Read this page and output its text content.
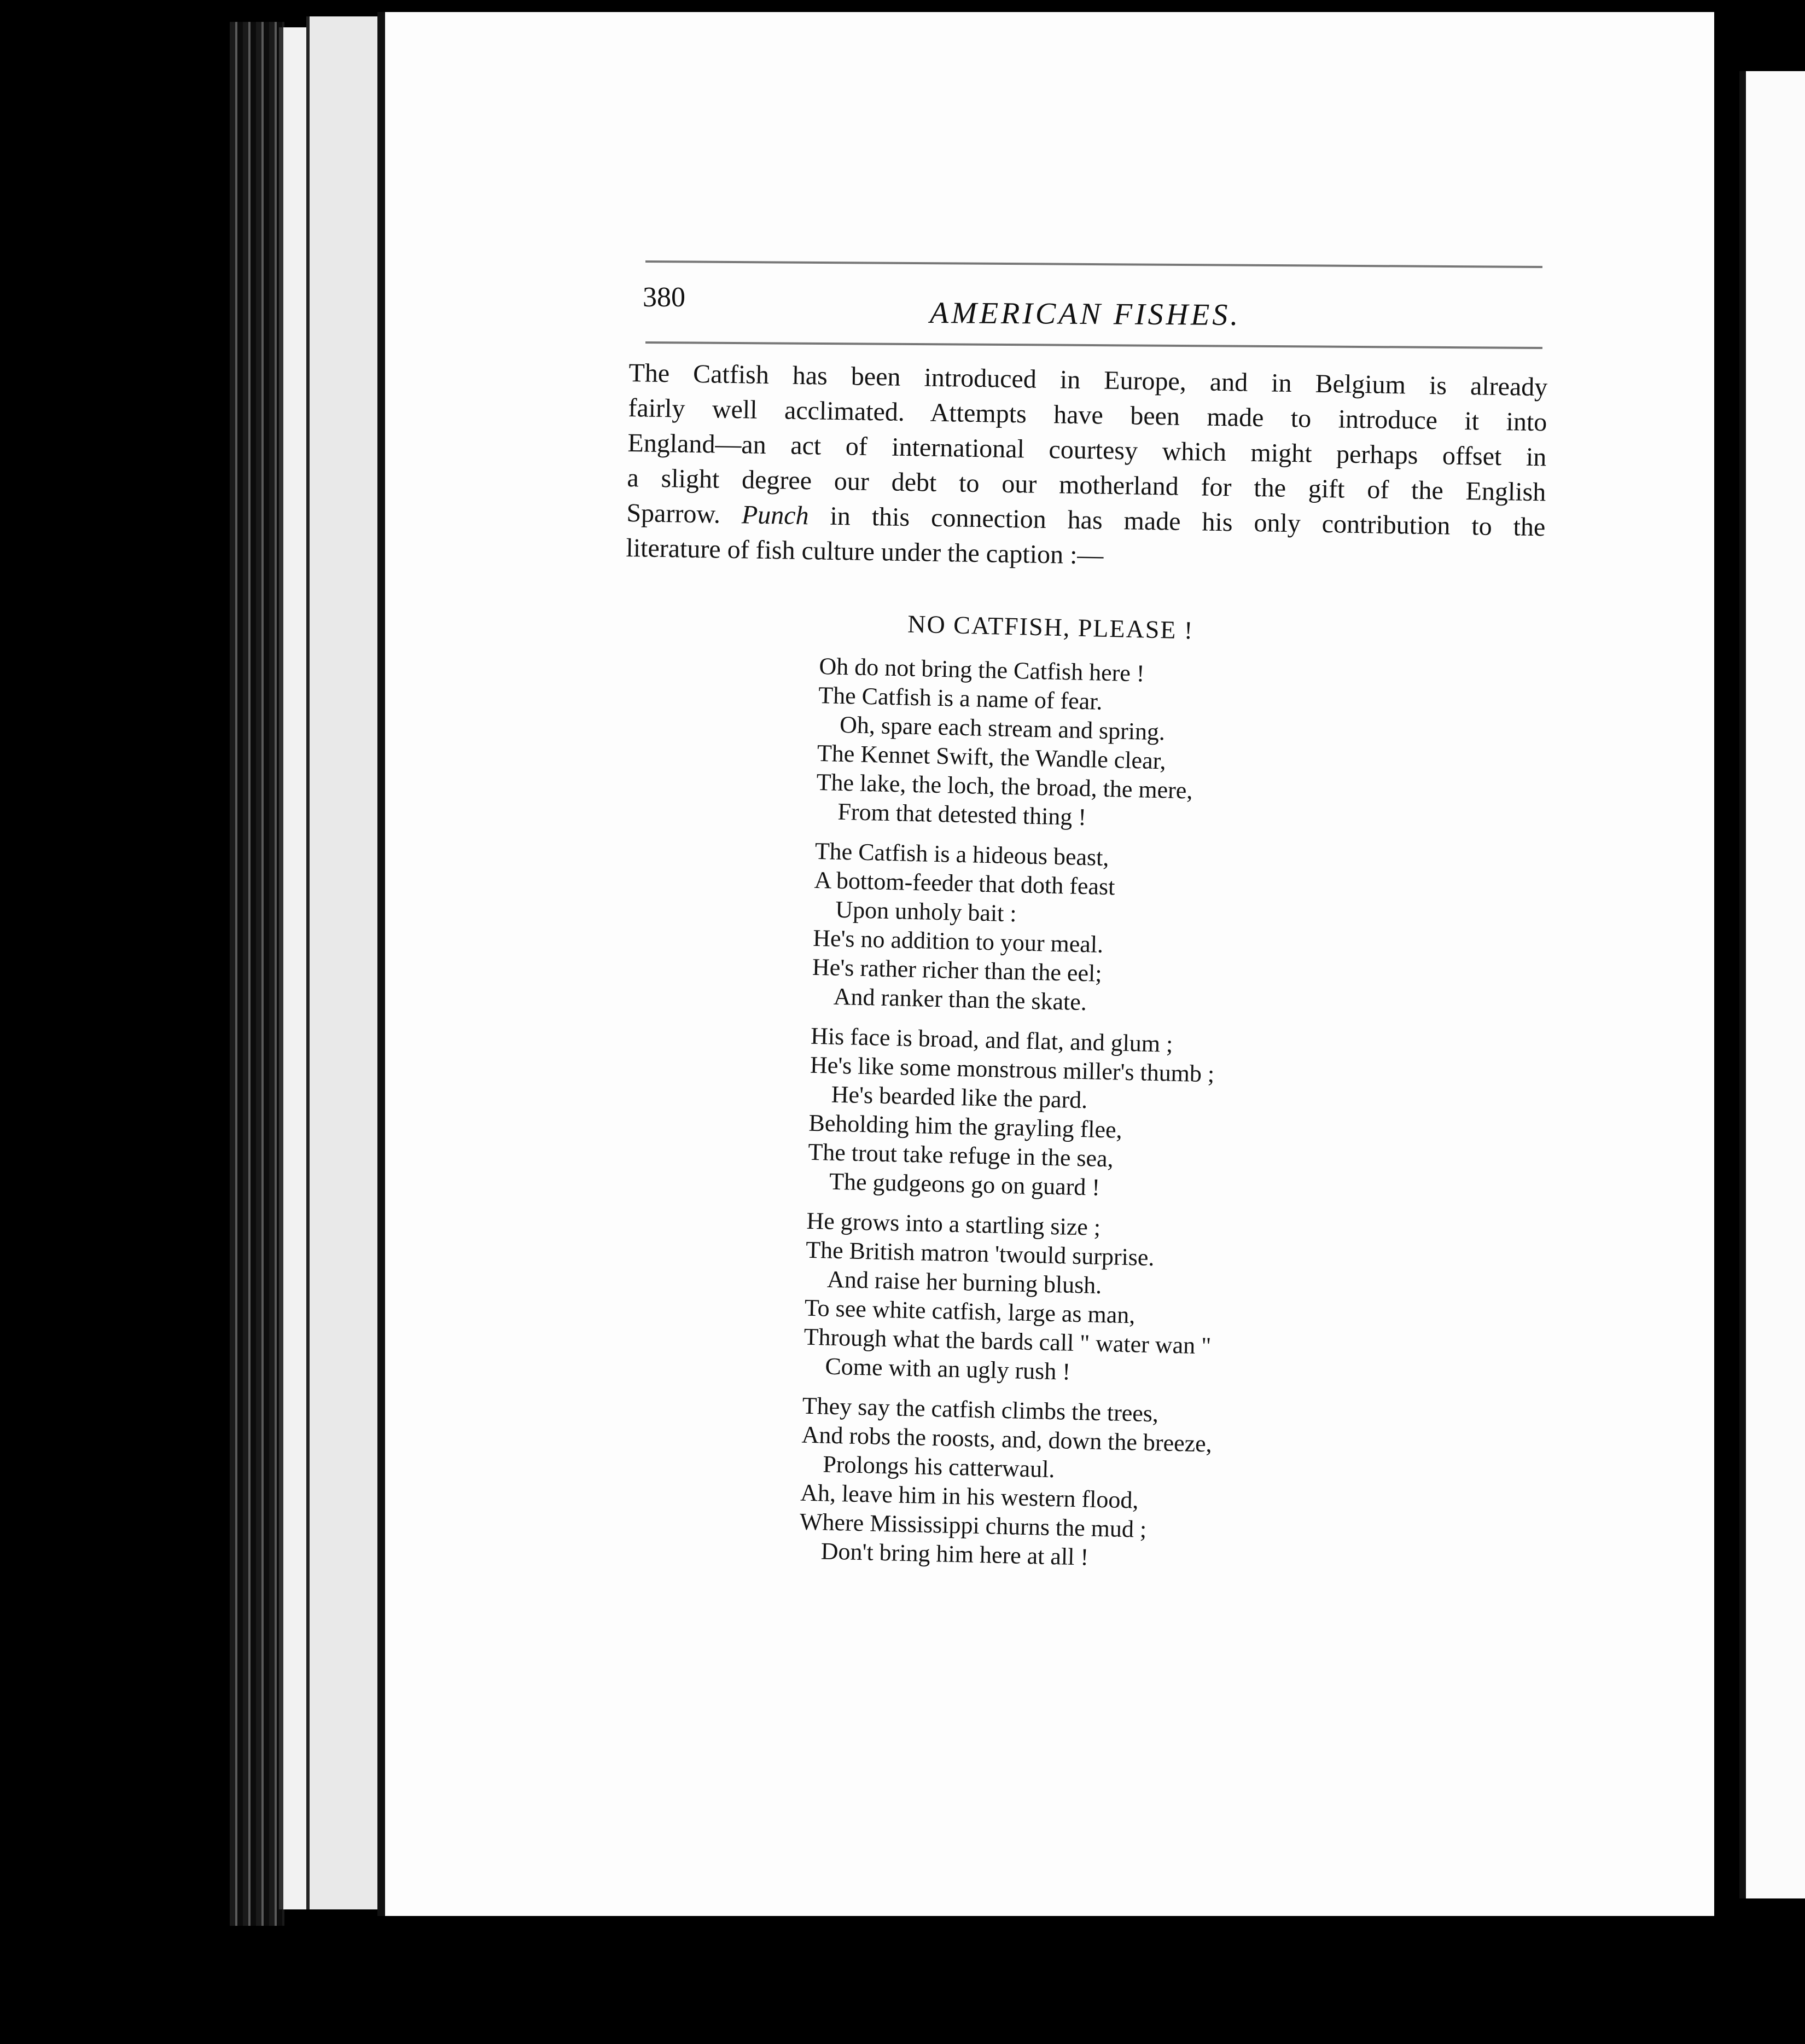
380	AMERICAN FISHES.
The Catfish has been introduced in Europe, and in Belgium is already
fairly well acclimated. Attempts have been made to introduce it into
England—an act of international courtesy which might perhaps offset in
a slight degree our debt to our motherland for the gift of the English
Sparrow. Punch in this connection has made his only contribution to the
literature of fish culture under the caption :—
NO CATFISH, PLEASE !
Oh do not bring the Catfish here !
The Catfish is a name of fear.
Oh, spare each stream and spring.
The Kennet Swift, the Wandle clear,
The lake, the loch, the broad, the mere,
From that detested thing !
The Catfish is a hideous beast,
A bottom-feeder that doth feast
Upon unholy bait :
He's no addition to your meal.
He's rather richer than the eel;
And ranker than the skate.
His face is broad, and flat, and glum ;
He's like some monstrous miller's thumb ;
He's bearded like the pard.
Beholding him the grayling flee,
The trout take refuge in the sea,
The gudgeons go on guard !
He grows into a startling size ;
The British matron 'twould surprise.
And raise her burning blush.
To see white catfish, large as man,
Through what the bards call " water wan "
Come with an ugly rush !
They say the catfish climbs the trees,
And robs the roosts, and, down the breeze,
Prolongs his catterwaul.
Ah, leave him in his western flood,
Where Mississippi churns the mud ;
Don't bring him here at all !
